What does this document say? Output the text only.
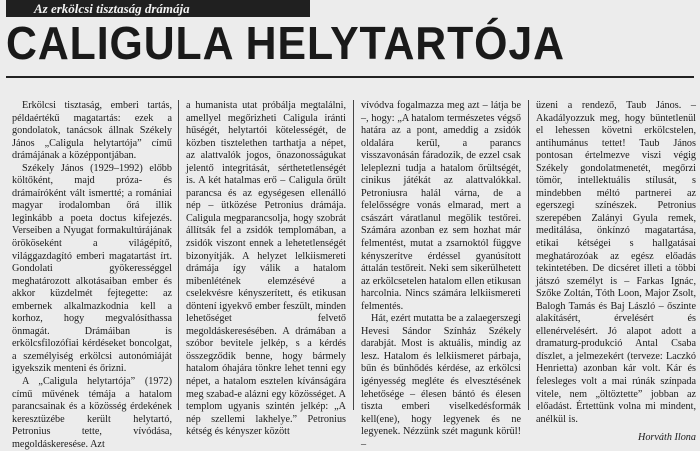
Az erkölcsi tisztaság drámája
CALIGULA HELYTARTÓJA

Erkölcsi tisztaság, emberi tartás, példaértékű magatartás: ezek a gondolatok, tanácsok állnak Székely János „Caligula helytartója” című drámájának a középpontjában.

Székely János (1929–1992) előbb költőként, majd próza- és drámaíróként vált ismertté; a romániai magyar irodalomban őrá illik leginkább a poeta doctus kifejezés. Verseiben a Nyugat formakultúrájának örököseként a világépítő, világgazdagító emberi magatartást írt. Gondolati gyökerességgel meghatározott alkotásaiban ember és akkor küzdelmét fejtegette: az embernek alkalmazkodnia kell a korhoz, hogy megvalósíthassa önmagát. Drámáiban is erkölcsfilozófiai kérdéseket boncolgat, a személyiség erkölcsi autonómiáját igyekszik menteni és őrizni.

A „Caligula helytartója” (1972) című művének témája a hatalom parancsainak és a közösség érdekének keresztüzébe került helytartó, Petronius tette, vívódása, megoldáskeresése. Azt

a humanista utat próbálja megtalálni, amellyel megőrizheti Caligula iránti hűségét, helytartói kötelességét, de közben tisztelethen tarthatja a népet, az alattvalók jogos, önazonosságukat jelentő integritását, sérthetetlenségét is. A két hatalmas erő – Caligula őrült parancsa és az egységesen ellenálló nép – ütközése Petronius drámája. Caligula megparancsolja, hogy szobrát állítsák fel a zsidók templomában, a zsidók viszont ennek a lehetetlenségét bizonyítják. A helyzet lelkiismereti drámája így válik a hatalom mibenlétének elemzésévé a cselekvésre kényszerített, és etikusan döntení igyekvő ember feszült, minden lehetőséget felvető megoldáskeresésében. A drámában a szóbor bevitele jelkép, s a kérdés összegződik benne, hogy bármely hatalom óhajára tönkre lehet tenni egy népet, a hatalom esztelen kívánságára meg szabad-e alázni egy közösséget. A templom ugyanis szintén jelkép: „A nép szellemi lakhelye.” Petronius kétség és kényszer között

vívódva fogalmazza meg azt – látja be –, hogy: „A hatalom természetes végső határa az a pont, ameddig a zsidók oldalára kerül, a parancs visszavonásán fáradozik, de ezzel csak leleplezni tudja a hatalom őrültségét, cinikus játékát az alattvalókkal. Petroniusra halál várna, de a felelősségre vonás elmarad, mert a császárt váratlanul megölik testőrei. Számára azonban ez sem hozhat már felmentést, mutat a zsarnoktól függve kényszerítve érdéssel gyanúsított áttalán testőreit. Neki sem sikerülhetett az erkölcsetelen hatalom ellen etikusan harcolnia. Nincs számára lelkiismereti felmentés.

Hát, ezért mutatta be a zalaegerszegi Hevesi Sándor Színház Székely darabját. Most is aktuális, mindig az lesz. Hatalom és lelkiismeret párbaja, bűn és bűnhődés kérdése, az erkölcsi igényesség megléte és elvesztésének lehetősége – élesen bántó és élesen tiszta emberi viselkedésformák kell(ene), hogy legyenek és ne legyenek. Nézzünk szét magunk körül! –

üzeni a rendező, Taub János. – Akadályozzuk meg, hogy büntetlenül el lehessen követni erkölcstelen, antihumánus tettet! Taub János pontosan értelmezve viszi végig Székely gondolatmenetét, megőrzi tömör, intellektuális stílusát, s mindebben méltó partnerei az egerszegi színészek. Petronius szerepében Zalányi Gyula remek, meditálása, önkínzó magatartása, etikai kétségei s hallgatásai meghatározóak az egész előadás tekintetében. De dicséret illeti a többi játszó személyt is – Farkas Ignác, Szőke Zoltán, Tóth Loon, Major Zsolt, Balogh Tamás és Baj László – őszinte alakításért, érvelésért és ellenérvelésért. Jó alapot adott a dramaturg-produkció Antal Csaba díszlet, a jelmezekért (terveze: Laczkó Henrietta) azonban kár volt. Kár és felesleges volt a mai rúnák színpada vitele, nem „öltöztette” jobban az előadást. Értettünk volna mi mindent, anélkül is.

Horváth Ilona
